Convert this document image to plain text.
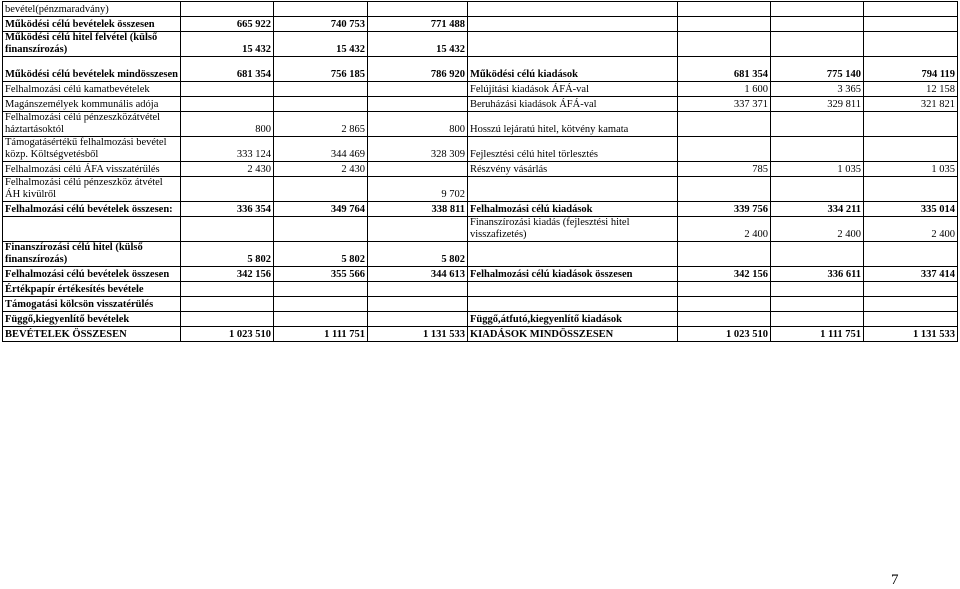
bevétel(pénzmaradvány)							
Működési célú bevételek összesen	665 922	740 753	771 488				
Működési célú hitel felvétel (külső finanszírozás)	15 432	15 432	15 432				
Működési célú bevételek mindösszesen	681 354	756 185	786 920	Működési célú kiadások	681 354	775 140	794 119
Felhalmozási célú kamatbevételek				Felújítási kiadások ÁFÁ-val	1 600	3 365	12 158
Magánszemélyek kommunális adója				Beruházási kiadások ÁFÁ-val	337 371	329 811	321 821
Felhalmozási célú pénzeszközátvétel háztartásoktól	800	2 865	800	Hosszú lejáratú hitel, kötvény kamata			
Támogatásértékű felhalmozási bevétel közp. Költségvetésből	333 124	344 469	328 309	Fejlesztési célú hitel törlesztés			
Felhalmozási célú ÁFA visszatérülés	2 430	2 430		Részvény vásárlás	785	1 035	1 035
Felhalmozási célú pénzeszköz átvétel ÁH kivülről			9 702				
Felhalmozási célú bevételek összesen:	336 354	349 764	338 811	Felhalmozási célú kiadások	339 756	334 211	335 014
				Finanszírozási kiadás (fejlesztési hitel visszafizetés)	2 400	2 400	2 400
Finanszírozási célú hitel (külső finanszírozás)	5 802	5 802	5 802				
Felhalmozási célú bevételek összesen	342 156	355 566	344 613	Felhalmozási célú kiadások összesen	342 156	336 611	337 414
Értékpapír értékesítés bevétele							
Támogatási kölcsön visszatérülés							
Függő,kiegyenlítő bevételek				Függő,átfutó,kiegyenlítő kiadások			
BEVÉTELEK ÖSSZESEN	1 023 510	1 111 751	1 131 533	KIADÁSOK MINDÖSSZESEN	1 023 510	1 111 751	1 131 533
7
